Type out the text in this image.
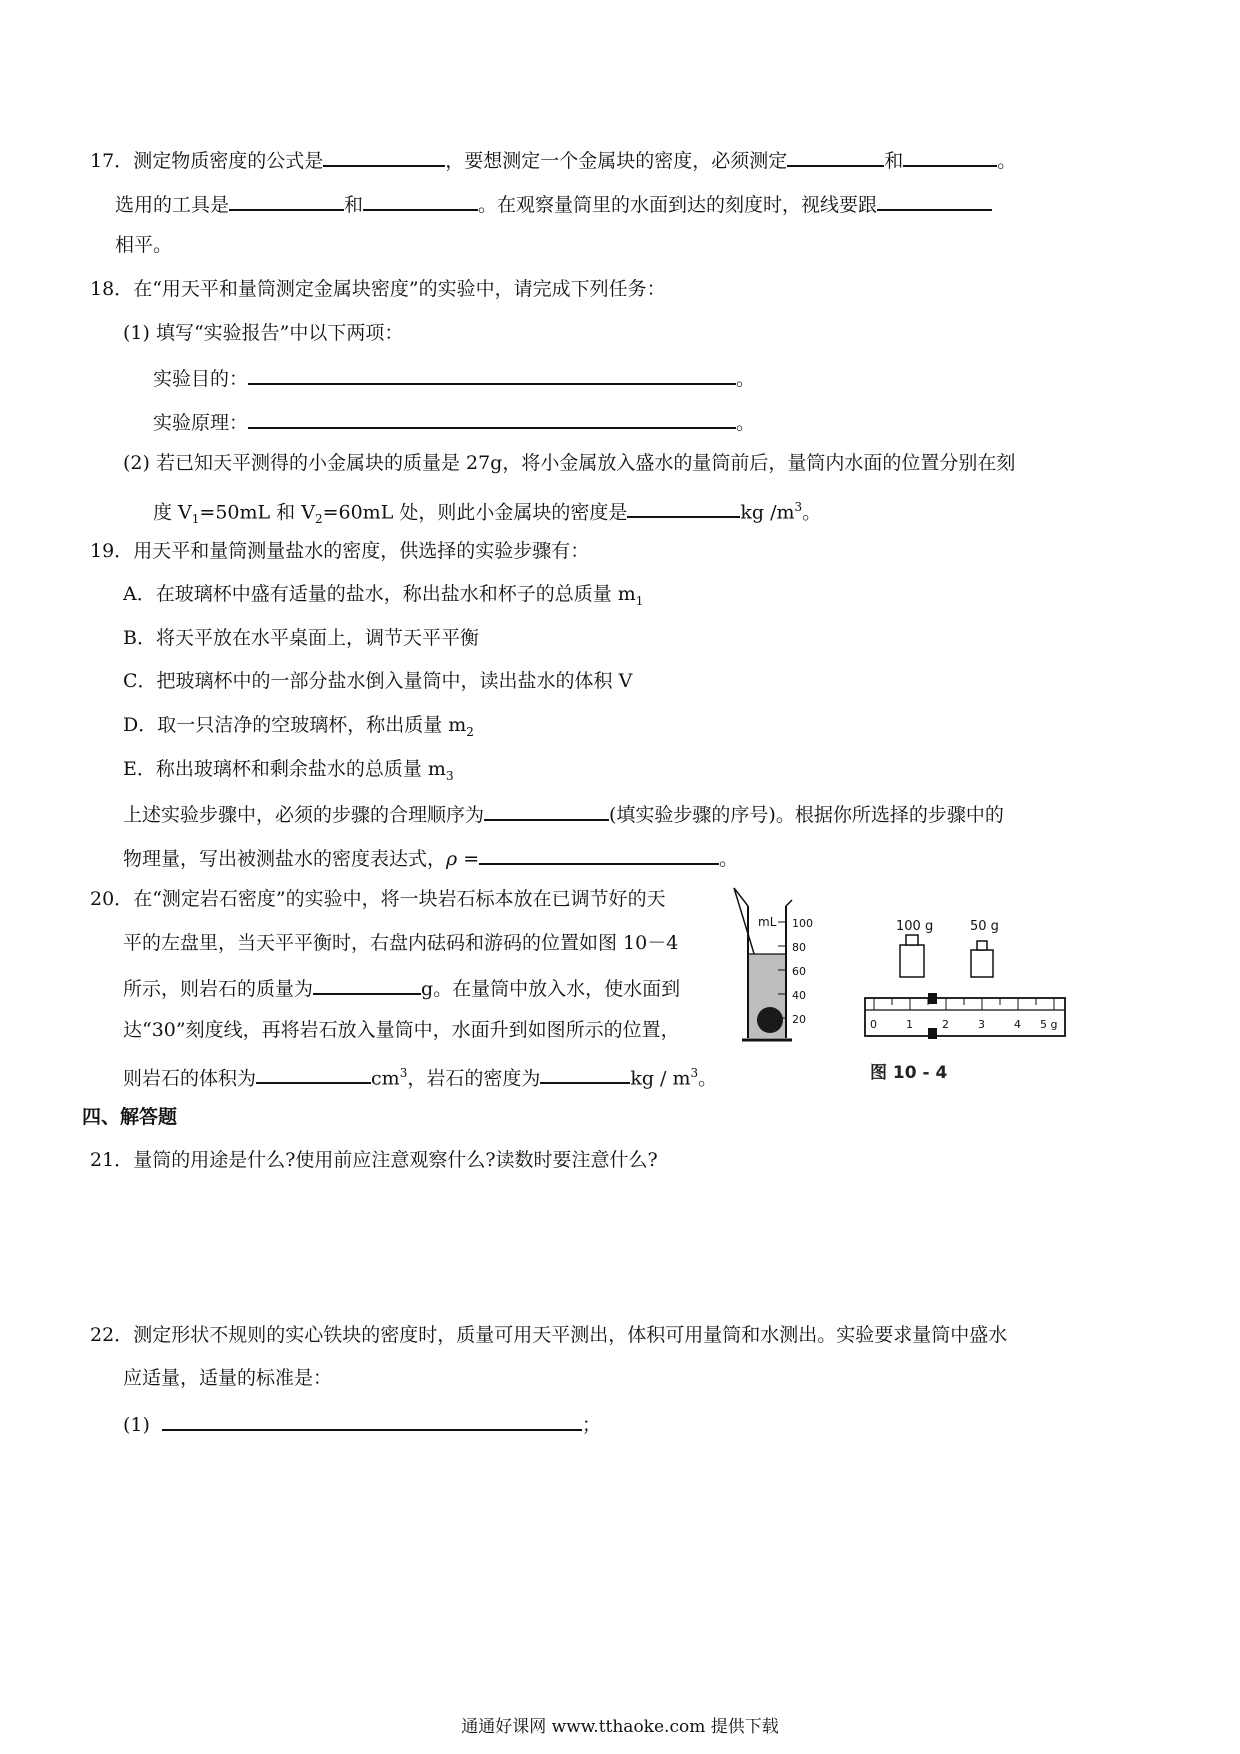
17．测定物质密度的公式是	，要想测定一个金属块的密度，必须测定	和	。
选用的工具是	和	。在观察量筒里的水面到达的刻度时，视线要跟
相平。
18．在“用天平和量筒测定金属块密度”的实验中，请完成下列任务：
(1) 填写“实验报告”中以下两项：
实验目的：	。
实验原理：	。
(2) 若已知天平测得的小金属块的质量是 27g，将小金属放入盛水的量筒前后，量筒内水面的位置分别在刻
度 $V_1=50mL$ 和 $V_2=60mL$ 处，则此小金属块的密度是	kg $/m^3$。
19．用天平和量筒测量盐水的密度，供选择的实验步骤有：
A．在玻璃杯中盛有适量的盐水，称出盐水和杯子的总质量 $m_1$
B．将天平放在水平桌面上，调节天平平衡
C．把玻璃杯中的一部分盐水倒入量筒中，读出盐水的体积 V
D．取一只洁净的空玻璃杯，称出质量 $m_2$
E．称出玻璃杯和剩余盐水的总质量 $m_3$
上述实验步骤中，必须的步骤的合理顺序为	(填实验步骤的序号)。根据你所选择的步骤中的
物理量，写出被测盐水的密度表达式，ρ =	。
20．在“测定岩石密度”的实验中，将一块岩石标本放在已调节好的天
平的左盘里，当天平平衡时，右盘内砝码和游码的位置如图 10－4
所示，则岩石的质量为	g。在量筒中放入水，使水面到
达“30”刻度线，再将岩石放入量筒中，水面升到如图所示的位置，
则岩石的体积为	$cm^3$，岩石的密度为	kg / $m^3$。
mL 100
80
60
40
20
100 g	50 g
0	1	2	3	4 5 g
图 10 - 4
四、解答题
21．量筒的用途是什么?使用前应注意观察什么?读数时要注意什么?
22．测定形状不规则的实心铁块的密度时，质量可用天平测出，体积可用量筒和水测出。实验要求量筒中盛水
应适量，适量的标准是：
(1)	；
通通好课网 www.tthaoke.com 提供下载
